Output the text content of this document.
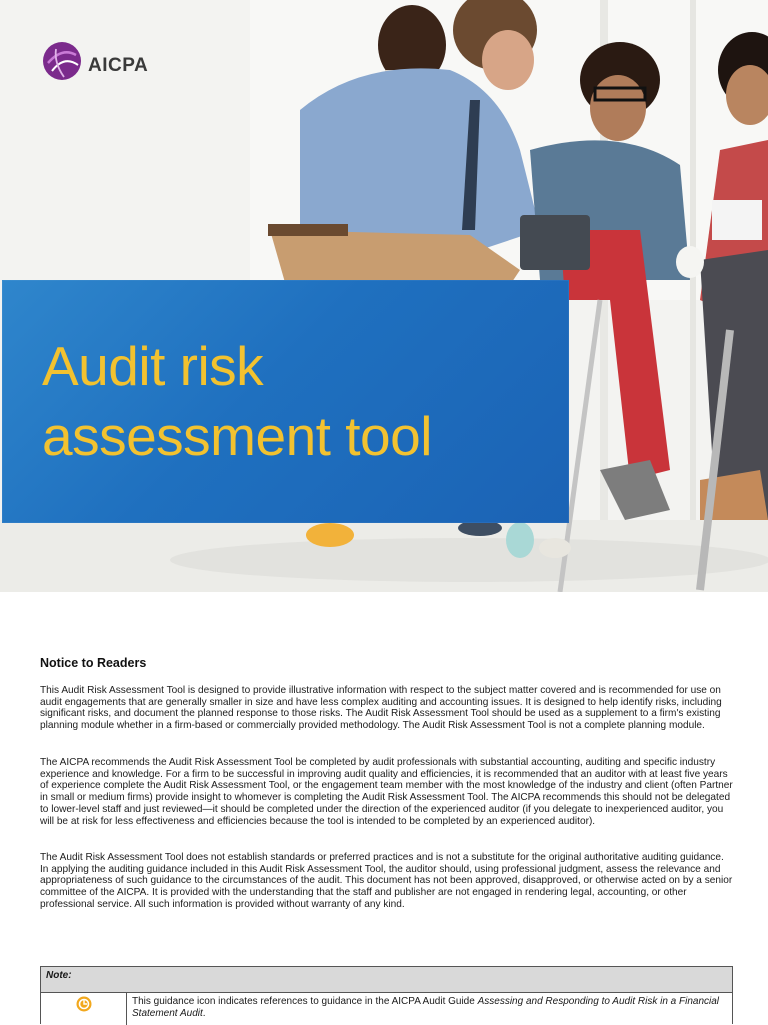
AICPA
Audit risk
assessment tool
Notice to Readers

This Audit Risk Assessment Tool is designed to provide illustrative information with respect to the subject matter covered and is recommended for use on audit engagements that are generally smaller in size and have less complex auditing and accounting issues. It is designed to help identify risks, including significant risks, and document the planned response to those risks. The Audit Risk Assessment Tool should be used as a supplement to a firm's existing planning module whether in a firm-based or commercially provided methodology. The Audit Risk Assessment Tool is not a complete planning module.

The AICPA recommends the Audit Risk Assessment Tool be completed by audit professionals with substantial accounting, auditing and specific industry experience and knowledge. For a firm to be successful in improving audit quality and efficiencies, it is recommended that an auditor with at least five years of experience complete the Audit Risk Assessment Tool, or the engagement team member with the most knowledge of the industry and client (often Partner in small or medium firms) provide insight to whomever is completing the Audit Risk Assessment Tool. The AICPA recommends this should not be delegated to lower-level staff and just reviewed—it should be completed under the direction of the experienced auditor (if you delegate to inexperienced auditor, you will be at risk for less effectiveness and efficiencies because the tool is intended to be completed by an experienced auditor).

The Audit Risk Assessment Tool does not establish standards or preferred practices and is not a substitute for the original authoritative auditing guidance. In applying the auditing guidance included in this Audit Risk Assessment Tool, the auditor should, using professional judgment, assess the relevance and appropriateness of such guidance to the circumstances of the audit. This document has not been approved, disapproved, or otherwise acted on by a senior committee of the AICPA. It is provided with the understanding that the staff and publisher are not engaged in rendering legal, accounting, or other professional service. All such information is provided without warranty of any kind.

Note:
This guidance icon indicates references to guidance in the AICPA Audit Guide Assessing and Responding to Audit Risk in a Financial Statement Audit.
